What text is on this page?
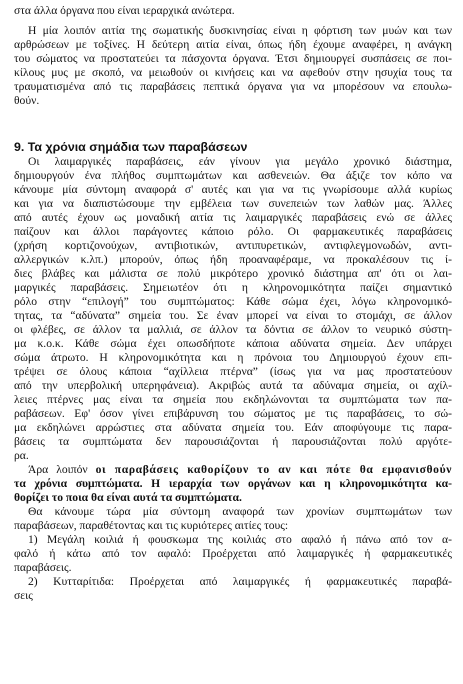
στα άλλα όργανα που είναι ιεραρχικά ανώτερα.
Η μία λοιπόν αιτία της σωματικής δυσκινησίας είναι η φόρτιση των μυών και των
αρθρώσεων με τοξίνες. Η δεύτερη αιτία είναι, όπως ήδη έχουμε αναφέρει, η ανάγκη
του σώματος να προστατεύει τα πάσχοντα όργανα. Έτσι δημιουργεί συσπάσεις σε ποι-
κίλους μυς με σκοπό, να μειωθούν οι κινήσεις και να αφεθούν στην ησυχία τους τα
τραυματισμένα από τις παραβάσεις πεπτικά όργανα για να μπορέσουν να επουλω-
θούν.
9. Τα χρόνια σημάδια των παραβάσεων
Οι λαιμαργικές παραβάσεις, εάν γίνουν για μεγάλο χρονικό διάστημα,
δημιουργούν ένα πλήθος συμπτωμάτων και ασθενειών. Θα άξιζε τον κόπο να
κάνουμε μία σύντομη αναφορά σ' αυτές και για να τις γνωρίσουμε αλλά κυρίως
και για να διαπιστώσουμε την εμβέλεια των συνεπειών των λαθών μας. Άλλες
από αυτές έχουν ως μοναδική αιτία τις λαιμαργικές παραβάσεις ενώ σε άλλες
παίζουν και άλλοι παράγοντες κάποιο ρόλο. Οι φαρμακευτικές παραβάσεις
(χρήση κορτιζονούχων, αντιβιοτικών, αντιπυρετικών, αντιφλεγμονωδών, αντι-
αλλεργικών κ.λπ.) μπορούν, όπως ήδη προαναφέραμε, να προκαλέσουν τις ί-
διες βλάβες και μάλιστα σε πολύ μικρότερο χρονικό διάστημα απ' ότι οι λαι-
μαργικές παραβάσεις. Σημειωτέον ότι η κληρονομικότητα παίζει σημαντικό
ρόλο στην “επιλογή” του συμπτώματος: Κάθε σώμα έχει, λόγω κληρονομικό-
τητας, τα “αδύνατα” σημεία του. Σε έναν μπορεί να είναι το στομάχι, σε άλλον
οι φλέβες, σε άλλον τα μαλλιά, σε άλλον τα δόντια σε άλλον το νευρικό σύστη-
μα κ.ο.κ. Κάθε σώμα έχει οπωσδήποτε κάποια αδύνατα σημεία. Δεν υπάρχει
σώμα άτρωτο. Η κληρονομικότητα και η πρόνοια του Δημιουργού έχουν επι-
τρέψει σε όλους κάποια “αχίλλεια πτέρνα” (ίσως για να μας προστατεύουν
από την υπερβολική υπερηφάνεια). Ακριβώς αυτά τα αδύναμα σημεία, οι αχίλ-
λειες πτέρνες μας είναι τα σημεία που εκδηλώνονται τα συμπτώματα των πα-
ραβάσεων. Εφ' όσον γίνει επιβάρυνση του σώματος με τις παραβάσεις, το σώ-
μα εκδηλώνει αρρώστιες στα αδύνατα σημεία του. Εάν αποφύγουμε τις παρα-
βάσεις τα συμπτώματα δεν παρουσιάζονται ή παρουσιάζονται πολύ αργότε-
ρα.
Άρα λοιπόν οι παραβάσεις καθορίζουν το αν και πότε θα εμφανισθούν
τα χρόνια συμπτώματα. Η ιεραρχία των οργάνων και η κληρονομικότητα κα-
θορίζει το ποια θα είναι αυτά τα συμπτώματα.
Θα κάνουμε τώρα μία σύντομη αναφορά των χρονίων συμπτωμάτων των
παραβάσεων, παραθέτοντας και τις κυριότερες αιτίες τους:
1) Μεγάλη κοιλιά ή φουσκωμα της κοιλιάς στο αφαλό ή πάνω από τον α-
φαλό ή κάτω από τον αφαλό: Προέρχεται από λαιμαργικές ή φαρμακευτικές
παραβάσεις.
2) Κυτταρίτιδα: Προέρχεται από λαιμαργικές ή φαρμακευτικές παραβά-
σεις
